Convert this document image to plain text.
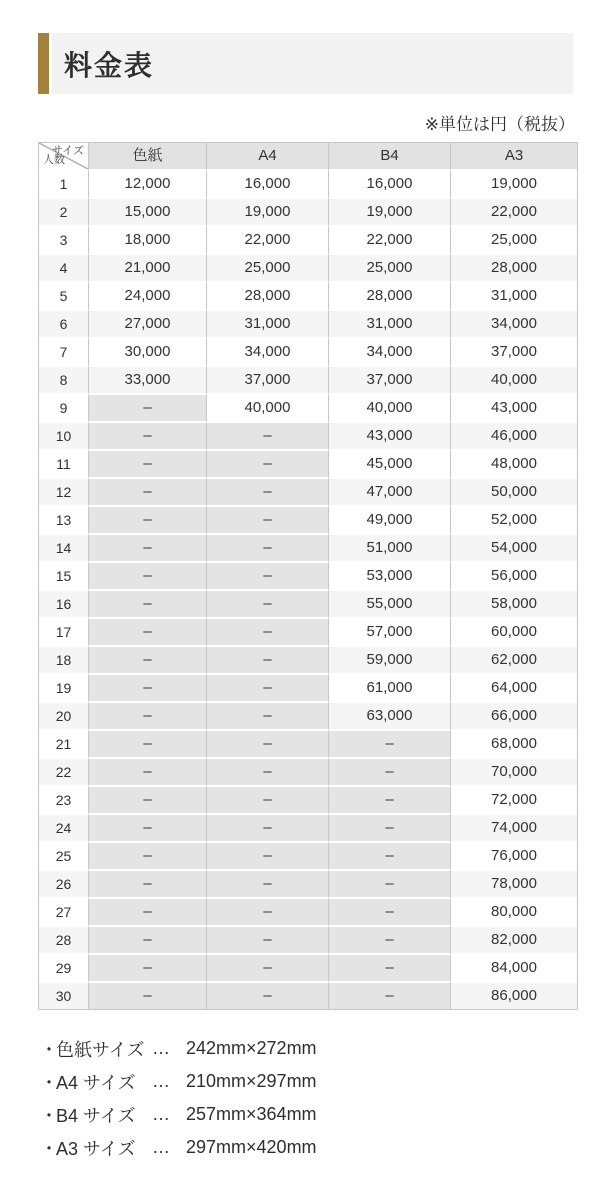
料金表
※単位は円（税抜）
サイズ
人数	色紙	A4	B4	A3
1	12,000	16,000	16,000	19,000
2	15,000	19,000	19,000	22,000
3	18,000	22,000	22,000	25,000
4	21,000	25,000	25,000	28,000
5	24,000	28,000	28,000	31,000
6	27,000	31,000	31,000	34,000
7	30,000	34,000	34,000	37,000
8	33,000	37,000	37,000	40,000
9	–	40,000	40,000	43,000
10	–	–	43,000	46,000
11	–	–	45,000	48,000
12	–	–	47,000	50,000
13	–	–	49,000	52,000
14	–	–	51,000	54,000
15	–	–	53,000	56,000
16	–	–	55,000	58,000
17	–	–	57,000	60,000
18	–	–	59,000	62,000
19	–	–	61,000	64,000
20	–	–	63,000	66,000
21	–	–	–	68,000
22	–	–	–	70,000
23	–	–	–	72,000
24	–	–	–	74,000
25	–	–	–	76,000
26	–	–	–	78,000
27	–	–	–	80,000
28	–	–	–	82,000
29	–	–	–	84,000
30	–	–	–	86,000
・
色紙サイズ … 242mm×272mm
・
A4 サイズ … 210mm×297mm
・
B4 サイズ … 257mm×364mm
・
A3 サイズ … 297mm×420mm
